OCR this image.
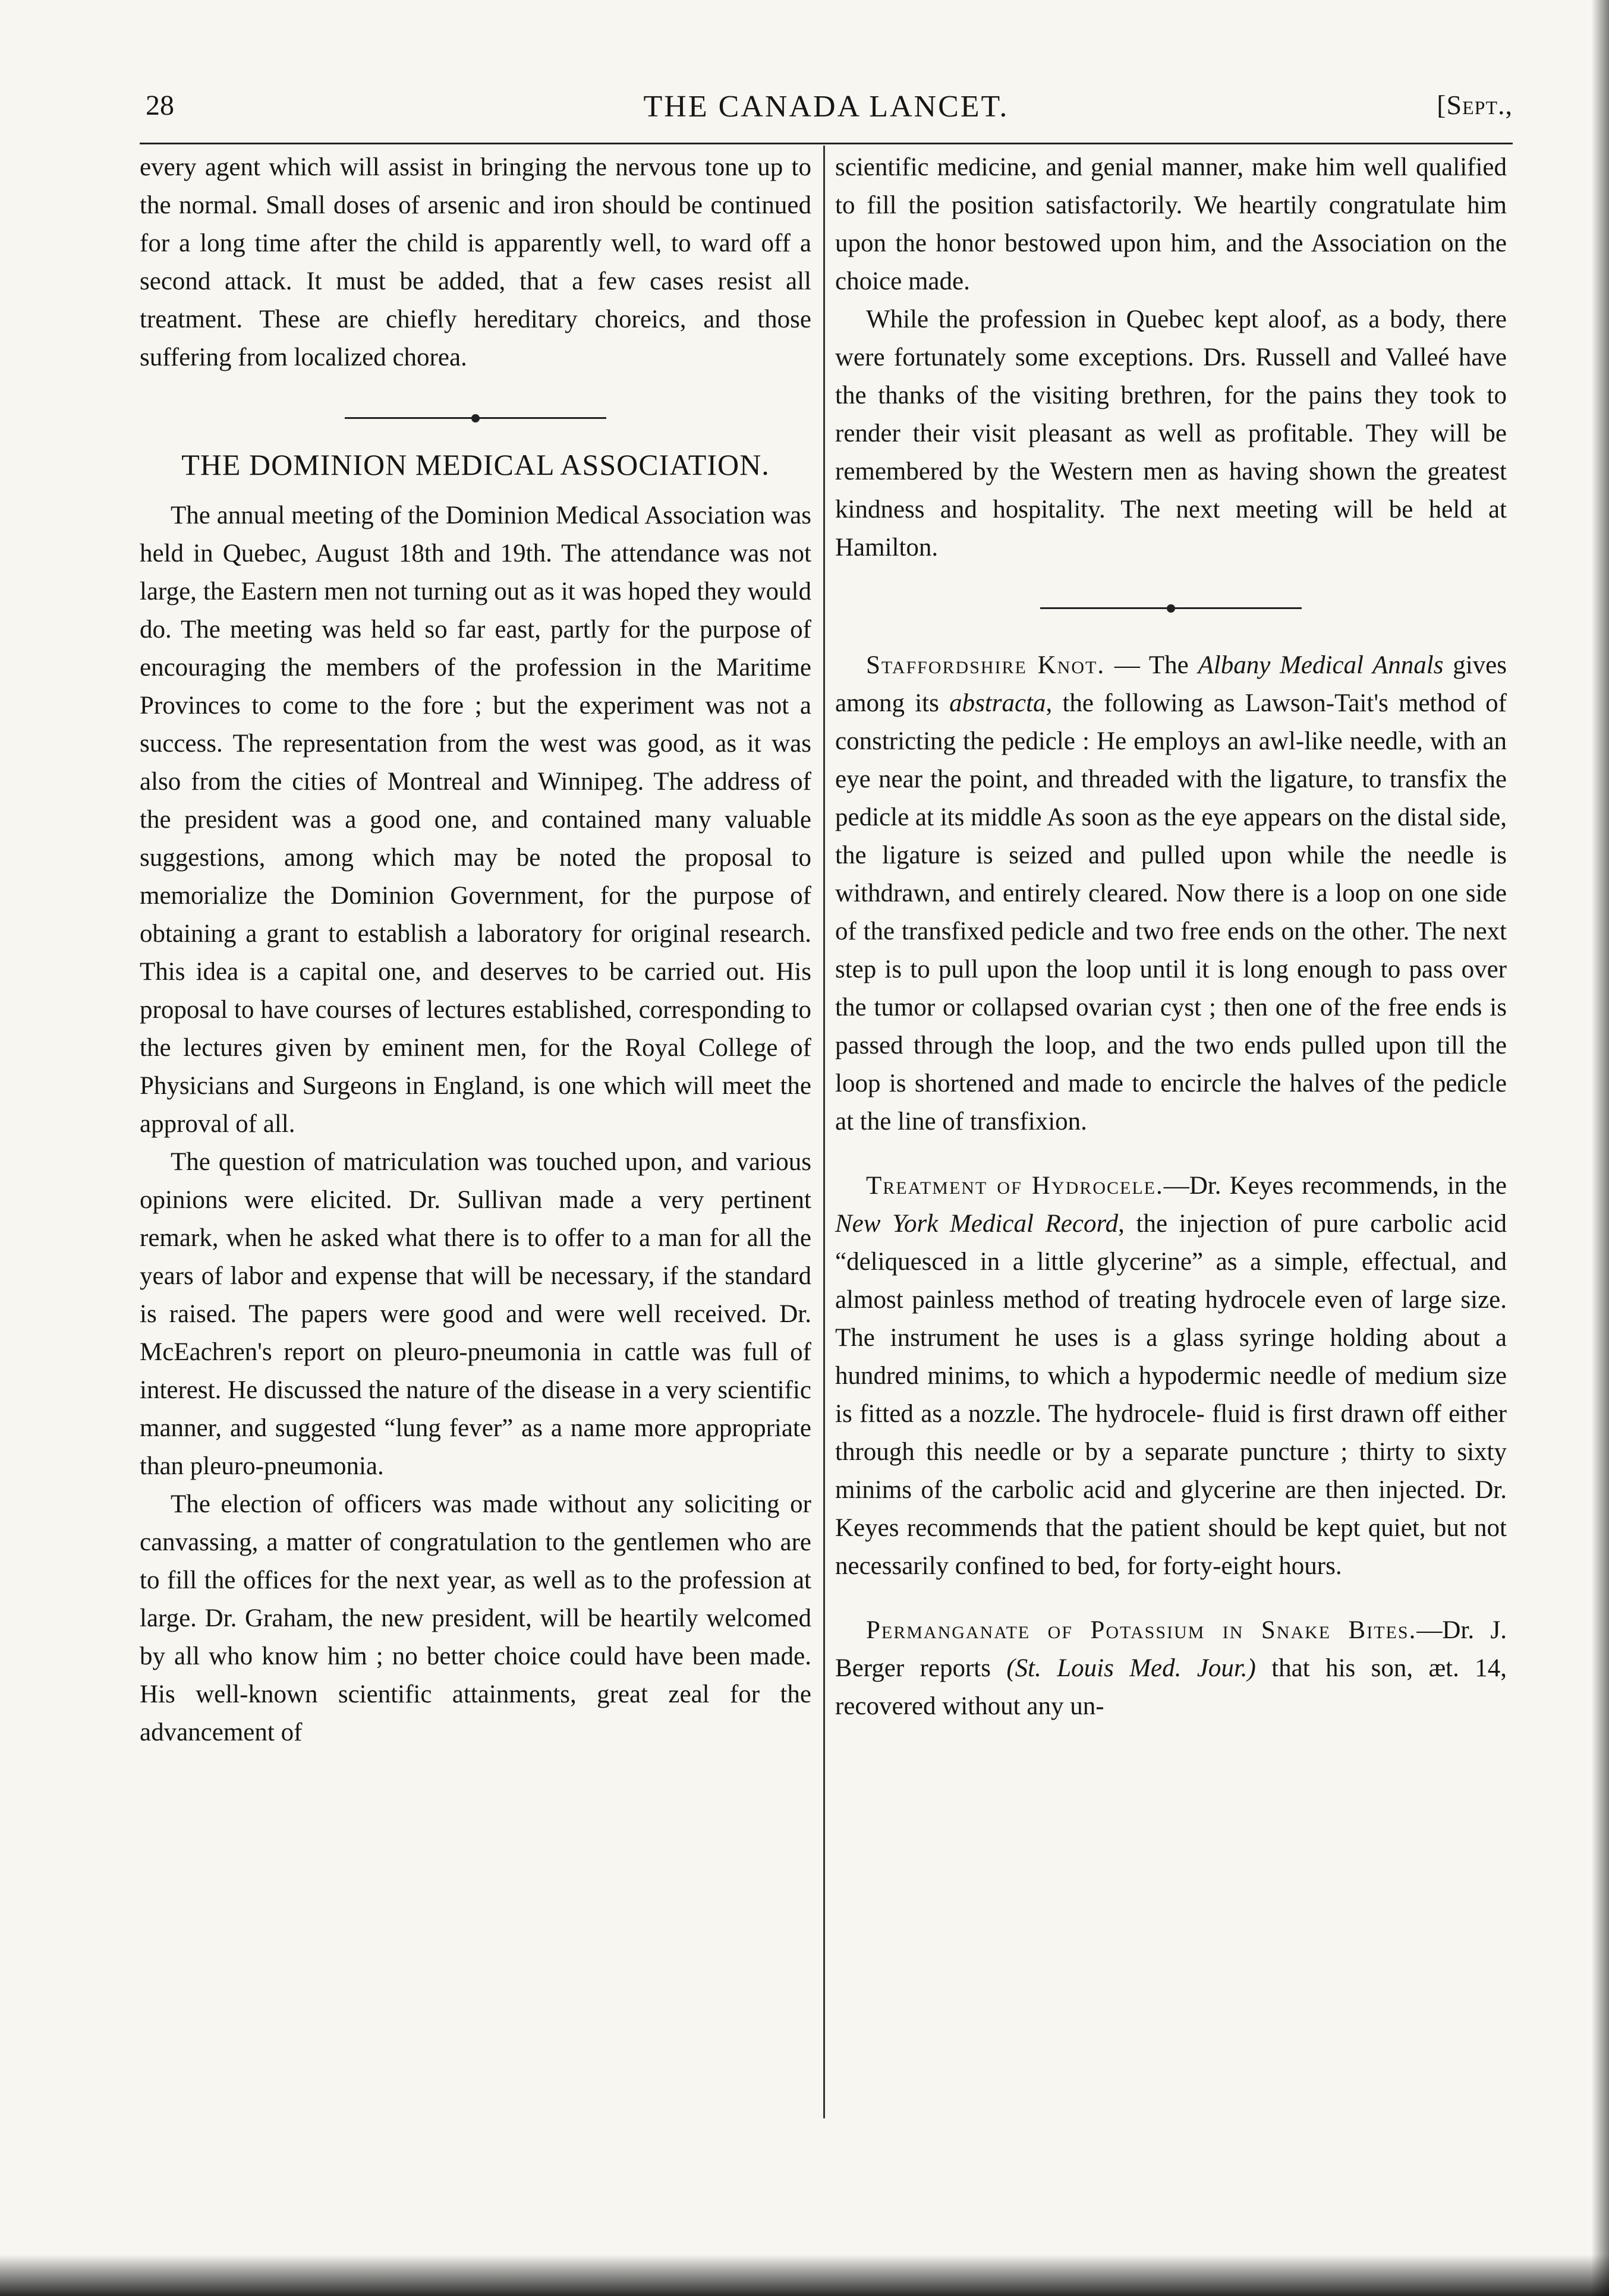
28	THE CANADA LANCET.	[Sept.,

every agent which will assist in bringing the nervous tone up to the normal. Small doses of arsenic and iron should be continued for a long time after the child is apparently well, to ward off a second attack. It must be added, that a few cases resist all treatment. These are chiefly hereditary choreics, and those suffering from localized chorea.

THE DOMINION MEDICAL ASSOCIATION.

The annual meeting of the Dominion Medical Association was held in Quebec, August 18th and 19th. The attendance was not large, the Eastern men not turning out as it was hoped they would do. The meeting was held so far east, partly for the purpose of encouraging the members of the profession in the Maritime Provinces to come to the fore ; but the experiment was not a success. The representation from the west was good, as it was also from the cities of Montreal and Winnipeg. The address of the president was a good one, and contained many valuable suggestions, among which may be noted the proposal to memorialize the Dominion Government, for the purpose of obtaining a grant to establish a laboratory for original research. This idea is a capital one, and deserves to be carried out. His proposal to have courses of lectures established, corresponding to the lectures given by eminent men, for the Royal College of Physicians and Surgeons in England, is one which will meet the approval of all.

The question of matriculation was touched upon, and various opinions were elicited. Dr. Sullivan made a very pertinent remark, when he asked what there is to offer to a man for all the years of labor and expense that will be necessary, if the standard is raised. The papers were good and were well received. Dr. McEachren's report on pleuro-pneumonia in cattle was full of interest. He discussed the nature of the disease in a very scientific manner, and suggested “lung fever” as a name more appropriate than pleuro-pneumonia.

The election of officers was made without any soliciting or canvassing, a matter of congratulation to the gentlemen who are to fill the offices for the next year, as well as to the profession at large. Dr. Graham, the new president, will be heartily welcomed by all who know him ; no better choice could have been made. His well-known scientific attainments, great zeal for the advancement of

scientific medicine, and genial manner, make him well qualified to fill the position satisfactorily. We heartily congratulate him upon the honor bestowed upon him, and the Association on the choice made.

While the profession in Quebec kept aloof, as a body, there were fortunately some exceptions. Drs. Russell and Valleé have the thanks of the visiting brethren, for the pains they took to render their visit pleasant as well as profitable. They will be remembered by the Western men as having shown the greatest kindness and hospitality. The next meeting will be held at Hamilton.

Staffordshire Knot. — The Albany Medical Annals gives among its abstracta, the following as Lawson-Tait's method of constricting the pedicle : He employs an awl-like needle, with an eye near the point, and threaded with the ligature, to transfix the pedicle at its middle As soon as the eye appears on the distal side, the ligature is seized and pulled upon while the needle is withdrawn, and entirely cleared. Now there is a loop on one side of the transfixed pedicle and two free ends on the other. The next step is to pull upon the loop until it is long enough to pass over the tumor or collapsed ovarian cyst ; then one of the free ends is passed through the loop, and the two ends pulled upon till the loop is shortened and made to encircle the halves of the pedicle at the line of transfixion.

Treatment of Hydrocele.—Dr. Keyes recommends, in the New York Medical Record, the injection of pure carbolic acid “deliquesced in a little glycerine” as a simple, effectual, and almost painless method of treating hydrocele even of large size. The instrument he uses is a glass syringe holding about a hundred minims, to which a hypodermic needle of medium size is fitted as a nozzle. The hydrocele- fluid is first drawn off either through this needle or by a separate puncture ; thirty to sixty minims of the carbolic acid and glycerine are then injected. Dr. Keyes recommends that the patient should be kept quiet, but not necessarily confined to bed, for forty-eight hours.

Permanganate of Potassium in Snake Bites.—Dr. J. Berger reports (St. Louis Med. Jour.) that his son, æt. 14, recovered without any un-
